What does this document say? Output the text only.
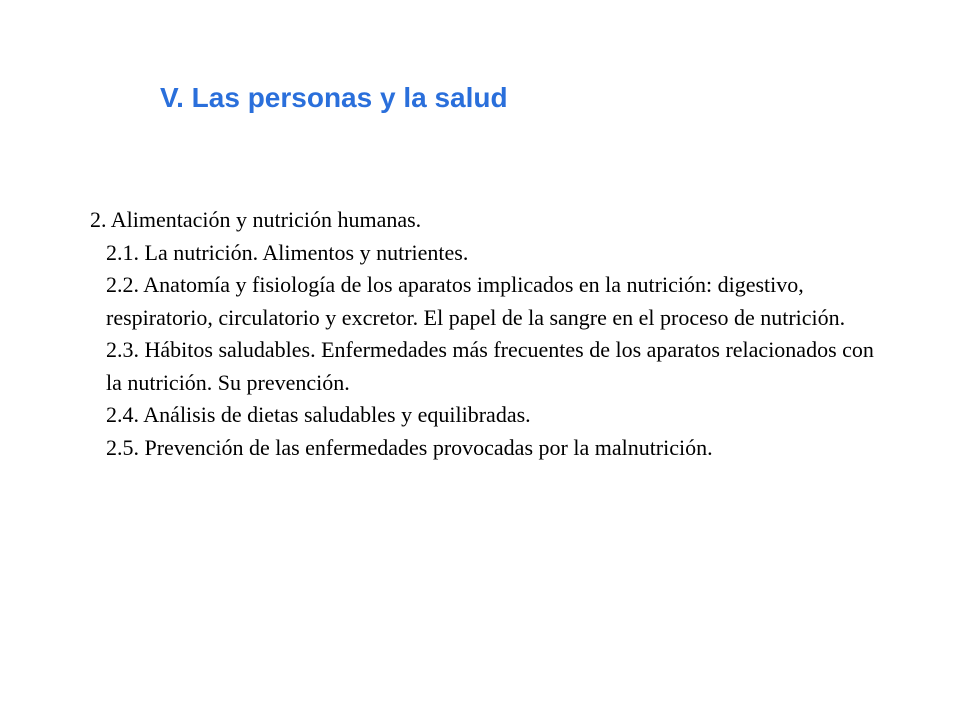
V. Las personas y la salud

2. Alimentación y nutrición humanas.

2.1. La nutrición. Alimentos y nutrientes.
2.2. Anatomía y fisiología de los aparatos implicados en la nutrición: digestivo, respiratorio, circulatorio y excretor. El papel de la sangre en el proceso de nutrición.
2.3. Hábitos saludables. Enfermedades más frecuentes de los aparatos relacionados con la nutrición. Su prevención.
2.4. Análisis de dietas saludables y equilibradas.
2.5. Prevención de las enfermedades provocadas por la malnutrición.
